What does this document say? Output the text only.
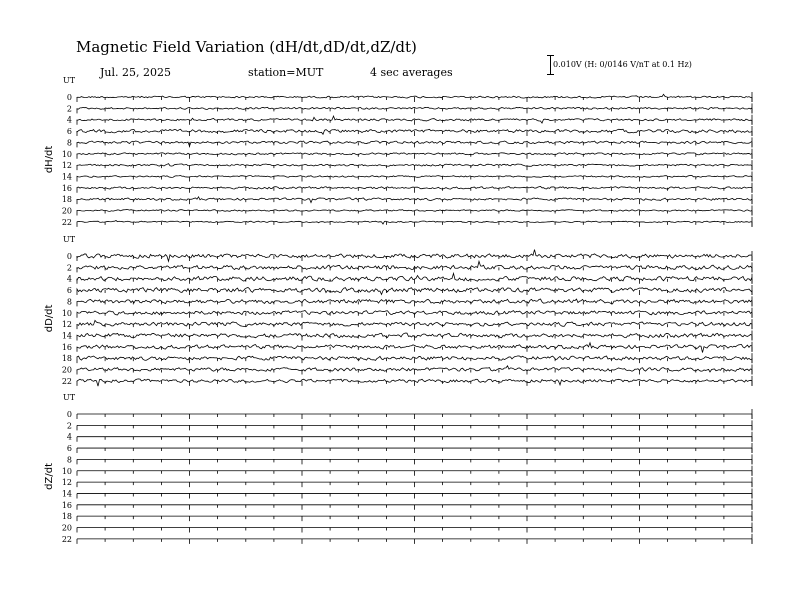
Magnetic Field Variation (dH/dt,dD/dt,dZ/dt)
Jul. 25, 2025	station=MUT	4 sec averages
0.010V (H: 0/0146 V/nT at 0.1 Hz)
UT
dH/dt
0
2
4
6
8
10
12
14
16
18
20
22
UT
dD/dt
0
2
4
6
8
10
12
14
16
18
20
22
UT
dZ/dt
0
2
4
6
8
10
12
14
16
18
20
22
